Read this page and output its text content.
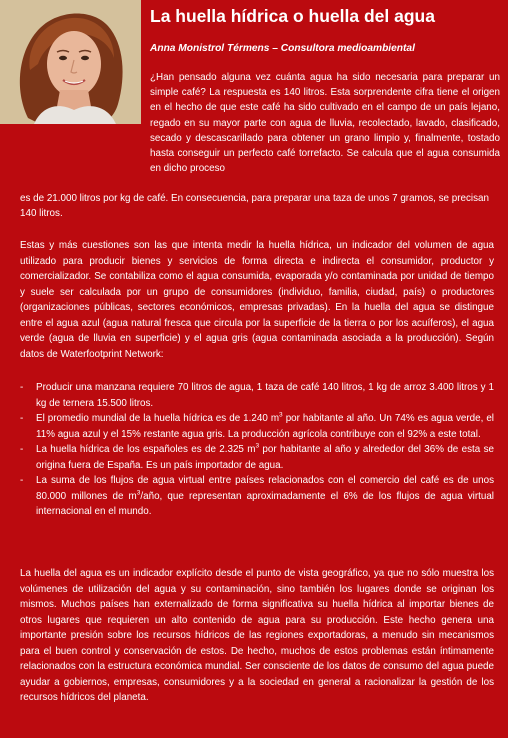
La huella hídrica o huella del agua
Anna Monistrol Térmens – Consultora medioambiental
¿Han pensado alguna vez cuánta agua ha sido necesaria para preparar un simple café? La respuesta es 140 litros. Esta sorprendente cifra tiene el origen en el hecho de que este café ha sido cultivado en el campo de un país lejano, regado en su mayor parte con agua de lluvia, recolectado, lavado, clasificado, secado y descascarillado para obtener un grano limpio y, finalmente, tostado hasta conseguir un perfecto café torrefacto. Se calcula que el agua consumida en dicho proceso
es de 21.000 litros por kg de café. En consecuencia, para preparar una taza de unos 7 gramos, se precisan 140 litros.
Estas y más cuestiones son las que intenta medir la huella hídrica, un indicador del volumen de agua utilizado para producir bienes y servicios de forma directa e indirecta el consumidor, productor y comercializador. Se contabiliza como el agua consumida, evaporada y/o contaminada por unidad de tiempo y suele ser calculada por un grupo de consumidores (individuo, familia, ciudad, país) o productores (organizaciones públicas, sectores económicos, empresas privadas). En la huella del agua se distingue entre el agua azul (agua natural fresca que circula por la superficie de la tierra o por los acuíferos), el agua verde (agua de lluvia en superficie) y el agua gris (agua contaminada asociada a la producción). Según datos de Waterfootprint Network:
- Producir una manzana requiere 70 litros de agua, 1 taza de café 140 litros, 1 kg de arroz 3.400 litros y 1 kg de ternera 15.500 litros.
- El promedio mundial de la huella hídrica es de 1.240 $m^3$ por habitante al año. Un 74% es agua verde, el 11% agua azul y el 15% restante agua gris. La producción agrícola contribuye con el 92% a este total.
- La huella hídrica de los españoles es de 2.325 $m^3$ por habitante al año y alrededor del 36% de esta se origina fuera de España. Es un país importador de agua.
- La suma de los flujos de agua virtual entre países relacionados con el comercio del café es de unos 80.000 millones de $m^3$/año, que representan aproximadamente el 6% de los flujos de agua virtual internacional en el mundo.
La huella del agua es un indicador explícito desde el punto de vista geográfico, ya que no sólo muestra los volúmenes de utilización del agua y su contaminación, sino también los lugares donde se originan los mismos. Muchos países han externalizado de forma significativa su huella hídrica al importar bienes de otros lugares que requieren un alto contenido de agua para su producción. Este hecho genera una importante presión sobre los recursos hídricos de las regiones exportadoras, a menudo sin mecanismos para el buen control y conservación de estos. De hecho, muchos de estos problemas están íntimamente relacionados con la estructura económica mundial. Ser consciente de los datos de consumo del agua puede ayudar a gobiernos, empresas, consumidores y a la sociedad en general a racionalizar la gestión de los recursos hídricos del planeta.
